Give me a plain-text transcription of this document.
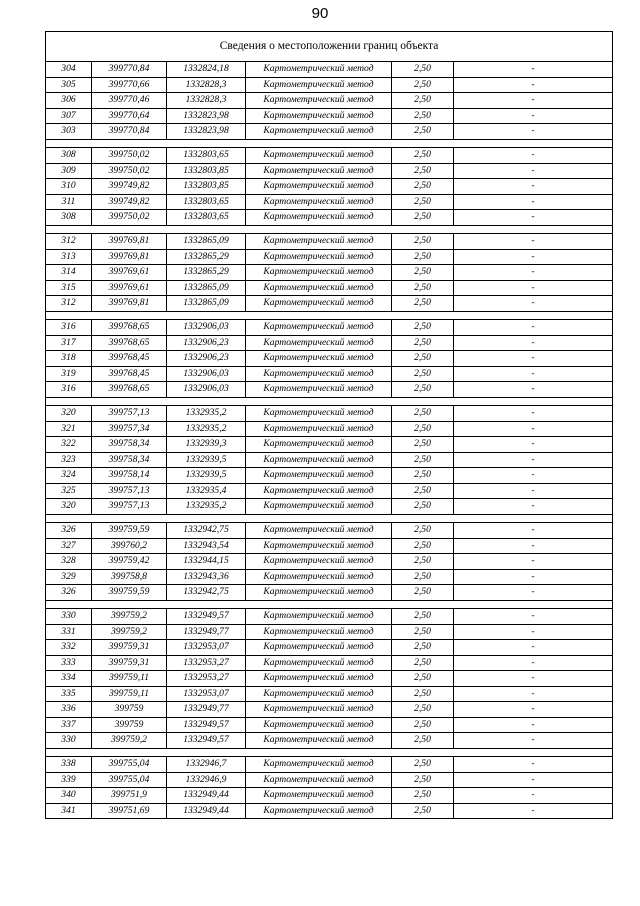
90
Сведения о местоположении границ объекта					
304	399770,84	1332824,18	Картометрический метод	2,50	-
305	399770,66	1332828,3	Картометрический метод	2,50	-
306	399770,46	1332828,3	Картометрический метод	2,50	-
307	399770,64	1332823,98	Картометрический метод	2,50	-
303	399770,84	1332823,98	Картометрический метод	2,50	-

308	399750,02	1332803,65	Картометрический метод	2,50	-
309	399750,02	1332803,85	Картометрический метод	2,50	-
310	399749,82	1332803,85	Картометрический метод	2,50	-
311	399749,82	1332803,65	Картометрический метод	2,50	-
308	399750,02	1332803,65	Картометрический метод	2,50	-

312	399769,81	1332865,09	Картометрический метод	2,50	-
313	399769,81	1332865,29	Картометрический метод	2,50	-
314	399769,61	1332865,29	Картометрический метод	2,50	-
315	399769,61	1332865,09	Картометрический метод	2,50	-
312	399769,81	1332865,09	Картометрический метод	2,50	-

316	399768,65	1332906,03	Картометрический метод	2,50	-
317	399768,65	1332906,23	Картометрический метод	2,50	-
318	399768,45	1332906,23	Картометрический метод	2,50	-
319	399768,45	1332906,03	Картометрический метод	2,50	-
316	399768,65	1332906,03	Картометрический метод	2,50	-

320	399757,13	1332935,2	Картометрический метод	2,50	-
321	399757,34	1332935,2	Картометрический метод	2,50	-
322	399758,34	1332939,3	Картометрический метод	2,50	-
323	399758,34	1332939,5	Картометрический метод	2,50	-
324	399758,14	1332939,5	Картометрический метод	2,50	-
325	399757,13	1332935,4	Картометрический метод	2,50	-
320	399757,13	1332935,2	Картометрический метод	2,50	-

326	399759,59	1332942,75	Картометрический метод	2,50	-
327	399760,2	1332943,54	Картометрический метод	2,50	-
328	399759,42	1332944,15	Картометрический метод	2,50	-
329	399758,8	1332943,36	Картометрический метод	2,50	-
326	399759,59	1332942,75	Картометрический метод	2,50	-

330	399759,2	1332949,57	Картометрический метод	2,50	-
331	399759,2	1332949,77	Картометрический метод	2,50	-
332	399759,31	1332953,07	Картометрический метод	2,50	-
333	399759,31	1332953,27	Картометрический метод	2,50	-
334	399759,11	1332953,27	Картометрический метод	2,50	-
335	399759,11	1332953,07	Картометрический метод	2,50	-
336	399759	1332949,77	Картометрический метод	2,50	-
337	399759	1332949,57	Картометрический метод	2,50	-
330	399759,2	1332949,57	Картометрический метод	2,50	-

338	399755,04	1332946,7	Картометрический метод	2,50	-
339	399755,04	1332946,9	Картометрический метод	2,50	-
340	399751,9	1332949,44	Картометрический метод	2,50	-
341	399751,69	1332949,44	Картометрический метод	2,50	-
